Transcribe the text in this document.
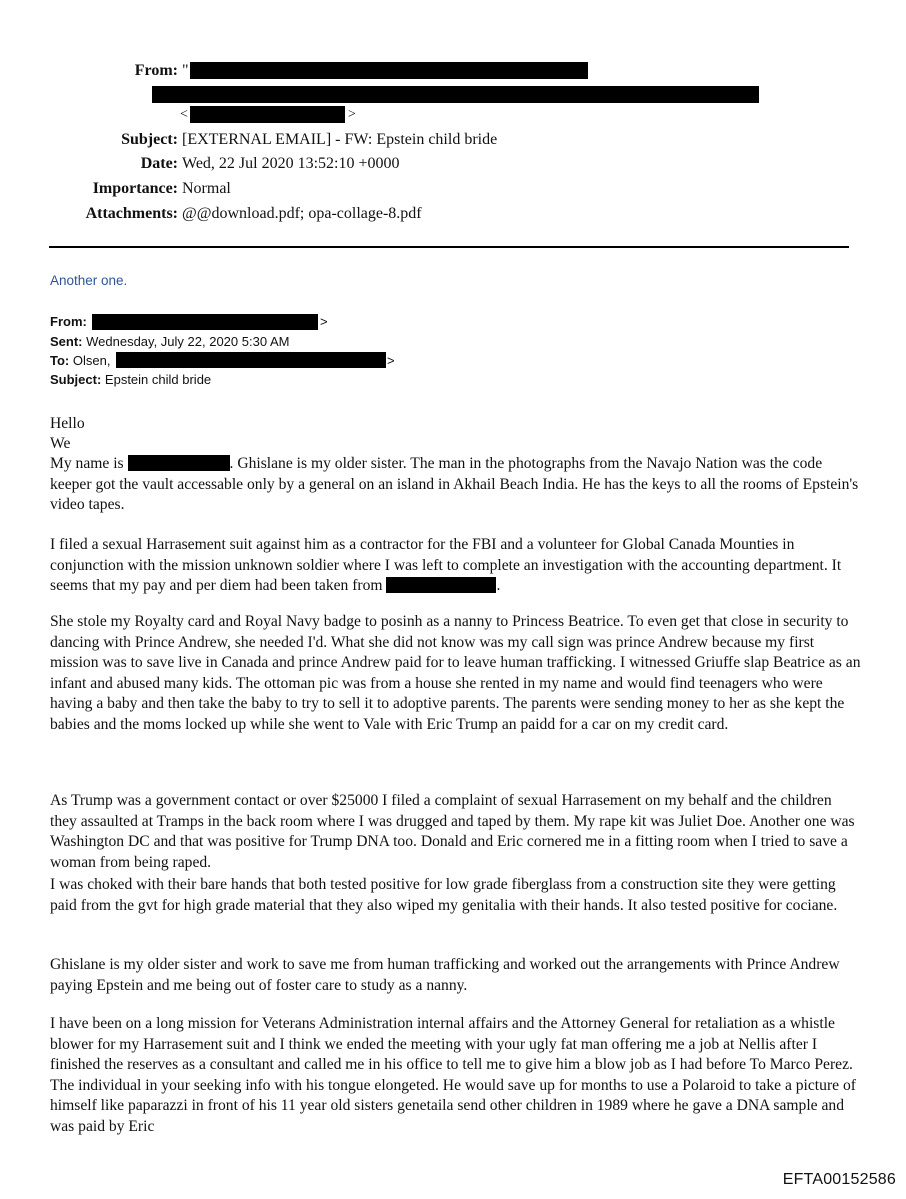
From: "
<	>
Subject: [EXTERNAL EMAIL] - FW: Epstein child bride
Date: Wed, 22 Jul 2020 13:52:10 +0000
Importance: Normal
Attachments: @@download.pdf; opa-collage-8.pdf
Another one.
From:	>
Sent: Wednesday, July 22, 2020 5:30 AM
To: Olsen,	>
Subject: Epstein child bride
Hello
We

My name is	. Ghislane is my older sister. The man in the photographs from the Navajo Nation was the code keeper got the vault accessable only by a general on an island in Akhail Beach India. He has the keys to all the rooms of Epstein's video tapes.

I filed a sexual Harrasement suit against him as a contractor for the FBI and a volunteer for Global Canada Mounties in conjunction with the mission unknown soldier where I was left to complete an investigation with the accounting department. It seems that my pay and per diem had been taken from	.

She stole my Royalty card and Royal Navy badge to posinh as a nanny to Princess Beatrice. To even get that close in security to dancing with Prince Andrew, she needed I'd. What she did not know was my call sign was prince Andrew because my first mission was to save live in Canada and prince Andrew paid for to leave human trafficking. I witnessed Griuffe slap Beatrice as an infant and abused many kids. The ottoman pic was from a house she rented in my name and would find teenagers who were having a baby and then take the baby to try to sell it to adoptive parents. The parents were sending money to her as she kept the babies and the moms locked up while she went to Vale with Eric Trump an paidd for a car on my credit card.

As Trump was a government contact or over $25000 I filed a complaint of sexual Harrasement on my behalf and the children they assaulted at Tramps in the back room where I was drugged and taped by them. My rape kit was Juliet Doe. Another one was Washington DC and that was positive for Trump DNA too. Donald and Eric cornered me in a fitting room when I tried to save a woman from being raped.

I was choked with their bare hands that both tested positive for low grade fiberglass from a construction site they were getting paid from the gvt for high grade material that they also wiped my genitalia with their hands. It also tested positive for cociane.

Ghislane is my older sister and work to save me from human trafficking and worked out the arrangements with Prince Andrew paying Epstein and me being out of foster care to study as a nanny.

I have been on a long mission for Veterans Administration internal affairs and the Attorney General for retaliation as a whistle blower for my Harrasement suit and I think we ended the meeting with your ugly fat man offering me a job at Nellis after I finished the reserves as a consultant and called me in his office to tell me to give him a blow job as I had before To Marco Perez. The individual in your seeking info with his tongue elongeted. He would save up for months to use a Polaroid to take a picture of himself like paparazzi in front of his 11 year old sisters genetaila send other children in 1989 where he gave a DNA sample and was paid by Eric

EFTA00152586
